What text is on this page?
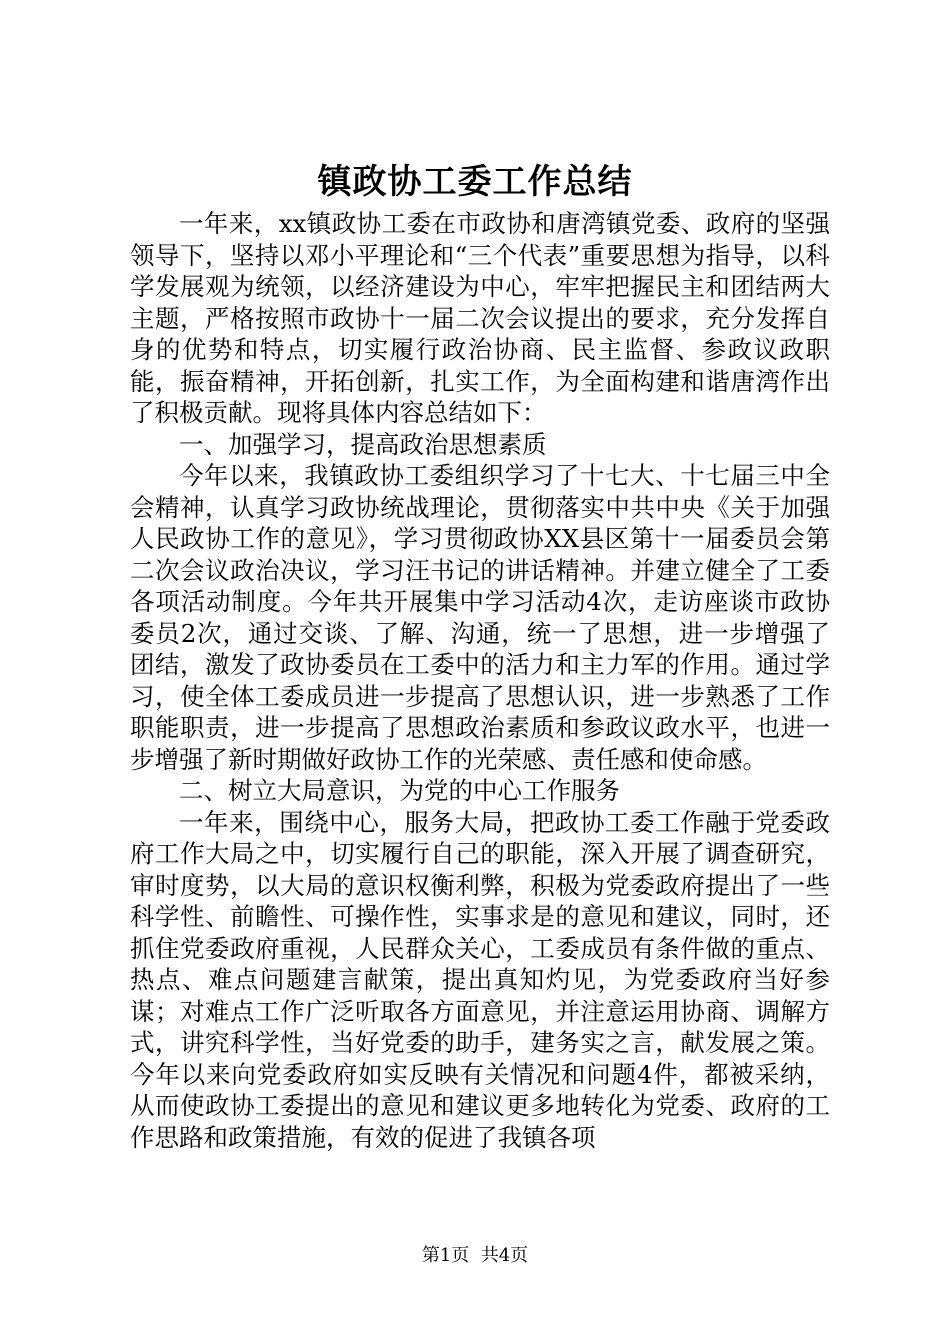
镇政协工委工作总结

一年来，xx镇政协工委在市政协和唐湾镇党委、政府的坚强领导下，坚持以邓小平理论和“三个代表”重要思想为指导，以科学发展观为统领，以经济建设为中心，牢牢把握民主和团结两大主题，严格按照市政协十一届二次会议提出的要求，充分发挥自身的优势和特点，切实履行政治协商、民主监督、参政议政职能，振奋精神，开拓创新，扎实工作，为全面构建和谐唐湾作出了积极贡献。现将具体内容总结如下：

一、加强学习，提高政治思想素质

今年以来，我镇政协工委组织学习了十七大、十七届三中全会精神，认真学习政协统战理论，贯彻落实中共中央《关于加强人民政协工作的意见》，学习贯彻政协XX县区第十一届委员会第二次会议政治决议，学习汪书记的讲话精神。并建立健全了工委各项活动制度。今年共开展集中学习活动4次，走访座谈市政协委员2次，通过交谈、了解、沟通，统一了思想，进一步增强了团结，激发了政协委员在工委中的活力和主力军的作用。通过学习，使全体工委成员进一步提高了思想认识，进一步熟悉了工作职能职责，进一步提高了思想政治素质和参政议政水平，也进一步增强了新时期做好政协工作的光荣感、责任感和使命感。

二、树立大局意识，为党的中心工作服务

一年来，围绕中心，服务大局，把政协工委工作融于党委政府工作大局之中，切实履行自己的职能，深入开展了调查研究，审时度势，以大局的意识权衡利弊，积极为党委政府提出了一些科学性、前瞻性、可操作性，实事求是的意见和建议，同时，还抓住党委政府重视，人民群众关心，工委成员有条件做的重点、热点、难点问题建言献策，提出真知灼见，为党委政府当好参谋；对难点工作广泛听取各方面意见，并注意运用协商、调解方式，讲究科学性，当好党委的助手，建务实之言，献发展之策。今年以来向党委政府如实反映有关情况和问题4件，都被采纳，从而使政协工委提出的意见和建议更多地转化为党委、政府的工作思路和政策措施，有效的促进了我镇各项

第1页 共4页
